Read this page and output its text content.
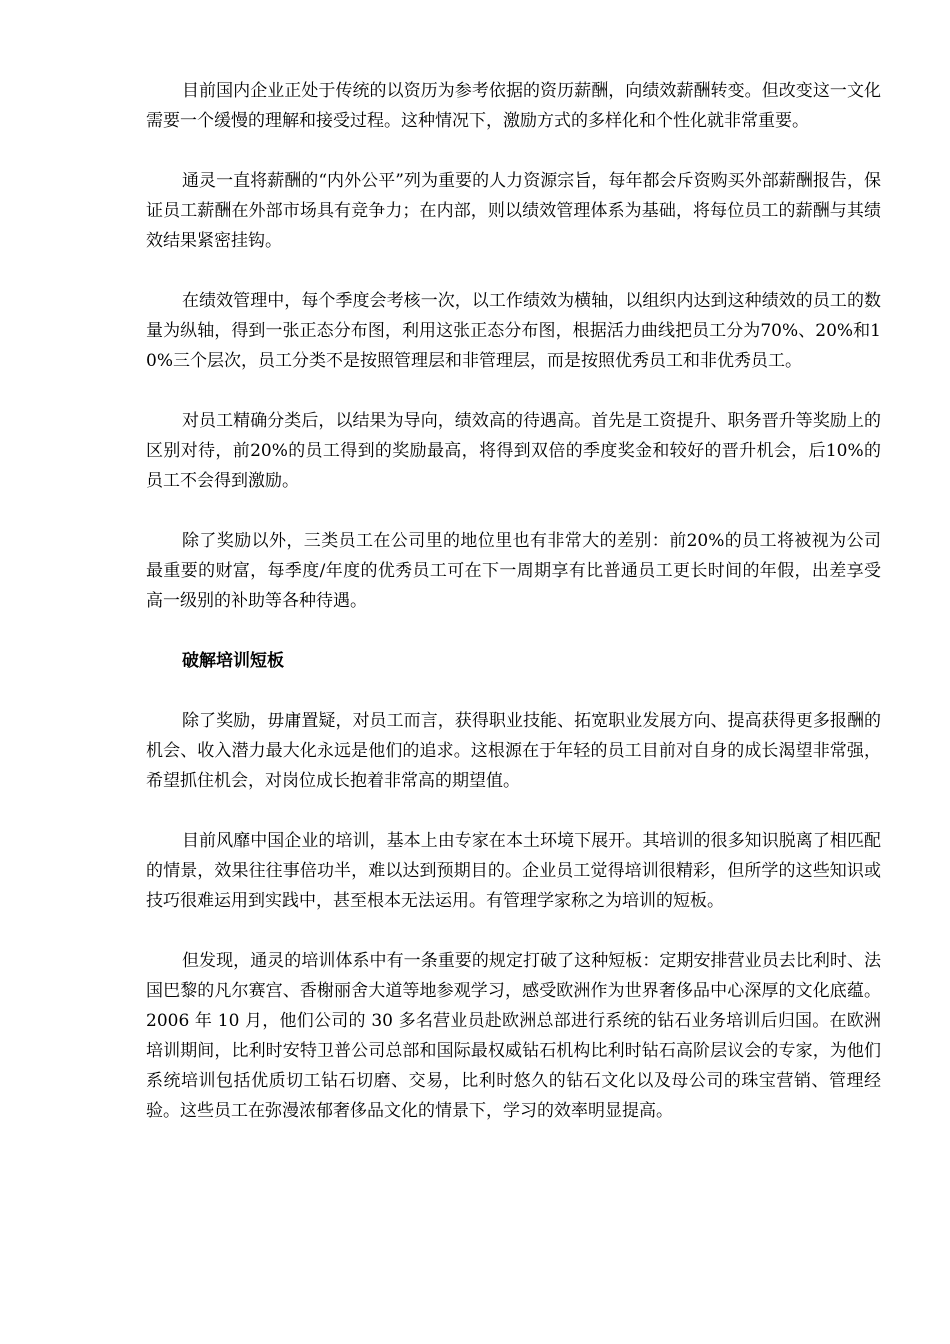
目前国内企业正处于传统的以资历为参考依据的资历薪酬，向绩效薪酬转变。但改变这一文化需要一个缓慢的理解和接受过程。这种情况下，激励方式的多样化和个性化就非常重要。

通灵一直将薪酬的“内外公平”列为重要的人力资源宗旨，每年都会斥资购买外部薪酬报告，保证员工薪酬在外部市场具有竞争力；在内部，则以绩效管理体系为基础，将每位员工的薪酬与其绩效结果紧密挂钩。

在绩效管理中，每个季度会考核一次，以工作绩效为横轴，以组织内达到这种绩效的员工的数量为纵轴，得到一张正态分布图，利用这张正态分布图，根据活力曲线把员工分为70%、20%和10%三个层次，员工分类不是按照管理层和非管理层，而是按照优秀员工和非优秀员工。

对员工精确分类后，以结果为导向，绩效高的待遇高。首先是工资提升、职务晋升等奖励上的区别对待，前20%的员工得到的奖励最高，将得到双倍的季度奖金和较好的晋升机会，后10%的员工不会得到激励。

除了奖励以外，三类员工在公司里的地位里也有非常大的差别：前20%的员工将被视为公司最重要的财富，每季度/年度的优秀员工可在下一周期享有比普通员工更长时间的年假，出差享受高一级别的补助等各种待遇。

破解培训短板

除了奖励，毋庸置疑，对员工而言，获得职业技能、拓宽职业发展方向、提高获得更多报酬的机会、收入潜力最大化永远是他们的追求。这根源在于年轻的员工目前对自身的成长渴望非常强，希望抓住机会，对岗位成长抱着非常高的期望值。

目前风靡中国企业的培训，基本上由专家在本土环境下展开。其培训的很多知识脱离了相匹配的情景，效果往往事倍功半，难以达到预期目的。企业员工觉得培训很精彩，但所学的这些知识或技巧很难运用到实践中，甚至根本无法运用。有管理学家称之为培训的短板。

但发现，通灵的培训体系中有一条重要的规定打破了这种短板：定期安排营业员去比利时、法国巴黎的凡尔赛宫、香榭丽舍大道等地参观学习，感受欧洲作为世界奢侈品中心深厚的文化底蕴。2006 年 10 月，他们公司的 30 多名营业员赴欧洲总部进行系统的钻石业务培训后归国。在欧洲培训期间，比利时安特卫普公司总部和国际最权威钻石机构比利时钻石高阶层议会的专家，为他们系统培训包括优质切工钻石切磨、交易，比利时悠久的钻石文化以及母公司的珠宝营销、管理经验。这些员工在弥漫浓郁奢侈品文化的情景下，学习的效率明显提高。
